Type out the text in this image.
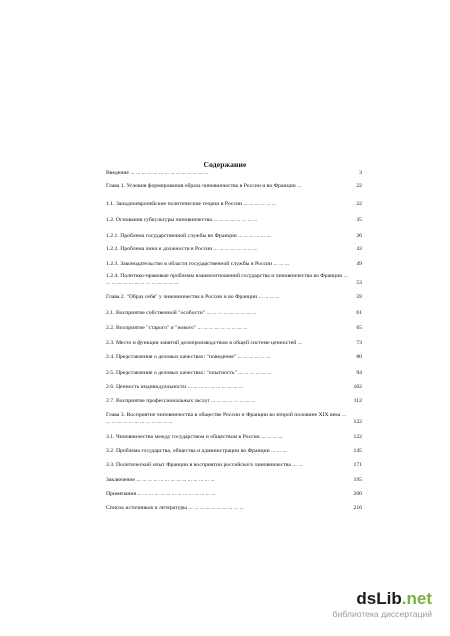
Содержание
Введение ... ... ... ... ... ... ... ... ... ... ... ... ... ...	3
Глава 1. Условия формирования образа чиновничества в России и во Франции ...	22
1.1. Западноевропейские политические теории в России ... ... ... ... ... ...	22
1.2. Основания субкультуры чиновничества ... ... ... ... ... ... ... ...	35
1.2.1. Проблема государственной службы во Франции ... ... ... ... ... ...	36
1.2.2. Проблема чина и должности в России ... ... ... ... ... ... ... ...	43
1.2.3. Законодательство в области государственной службы в России ... ... ...	49
1.2.4. Политико-правовые проблемы взаимоотношений государства и чиновничества во Франции ... ... ... ... ... ... ... ... ... ... ... ... ... ...	53
Глава 2. "Образ себя" у чиновничества в России и во Франции ... ... ... ...	59
2.1. Восприятие собственной "особости" ... ... ... ... ... ... ... ... ...	61
2.2. Восприятие "старого" и "нового" ... ... ... ... ... ... ... ... ...	65
2.3. Место и функции занятий делопроизводством в общей системе ценностей ...	73
2.4. Представления о деловых качествах: "поведение" ... ... ... ... ... ...	80
2.5. Представление о деловых качествах: "опытность" ... ... ... ... ... ...	94
2.6. Ценность индивидуальности ... ... ... ... ... ... ... ... ... ...	102
2.7. Восприятие профессиональных заслуг ... ... ... ... ... ... ... ...	112
Глава 3. Восприятие чиновничества в обществе России и Франции во второй половине XIX века ... ... ... ... ... ... ... ... ... ... ... ... ...	122
3.1. Чиновничество между государством и обществом в России ... ... ... ...	122
3.2. Проблема государства, общества и администрации во Франции ... ... ...	145
3.3. Политический опыт Франции в восприятии российского чиновничества ... ...	171
Заключение ... ... ... ... ... ... ... ... ... ... ... ... ... ...	195
Примечания ... ... ... ... ... ... ... ... ... ... ... ... ... ...	200
Список источников и литературы ... ... ... ... ... ... ... ... ... ...	216
dsLib.net
библиотека диссертаций
